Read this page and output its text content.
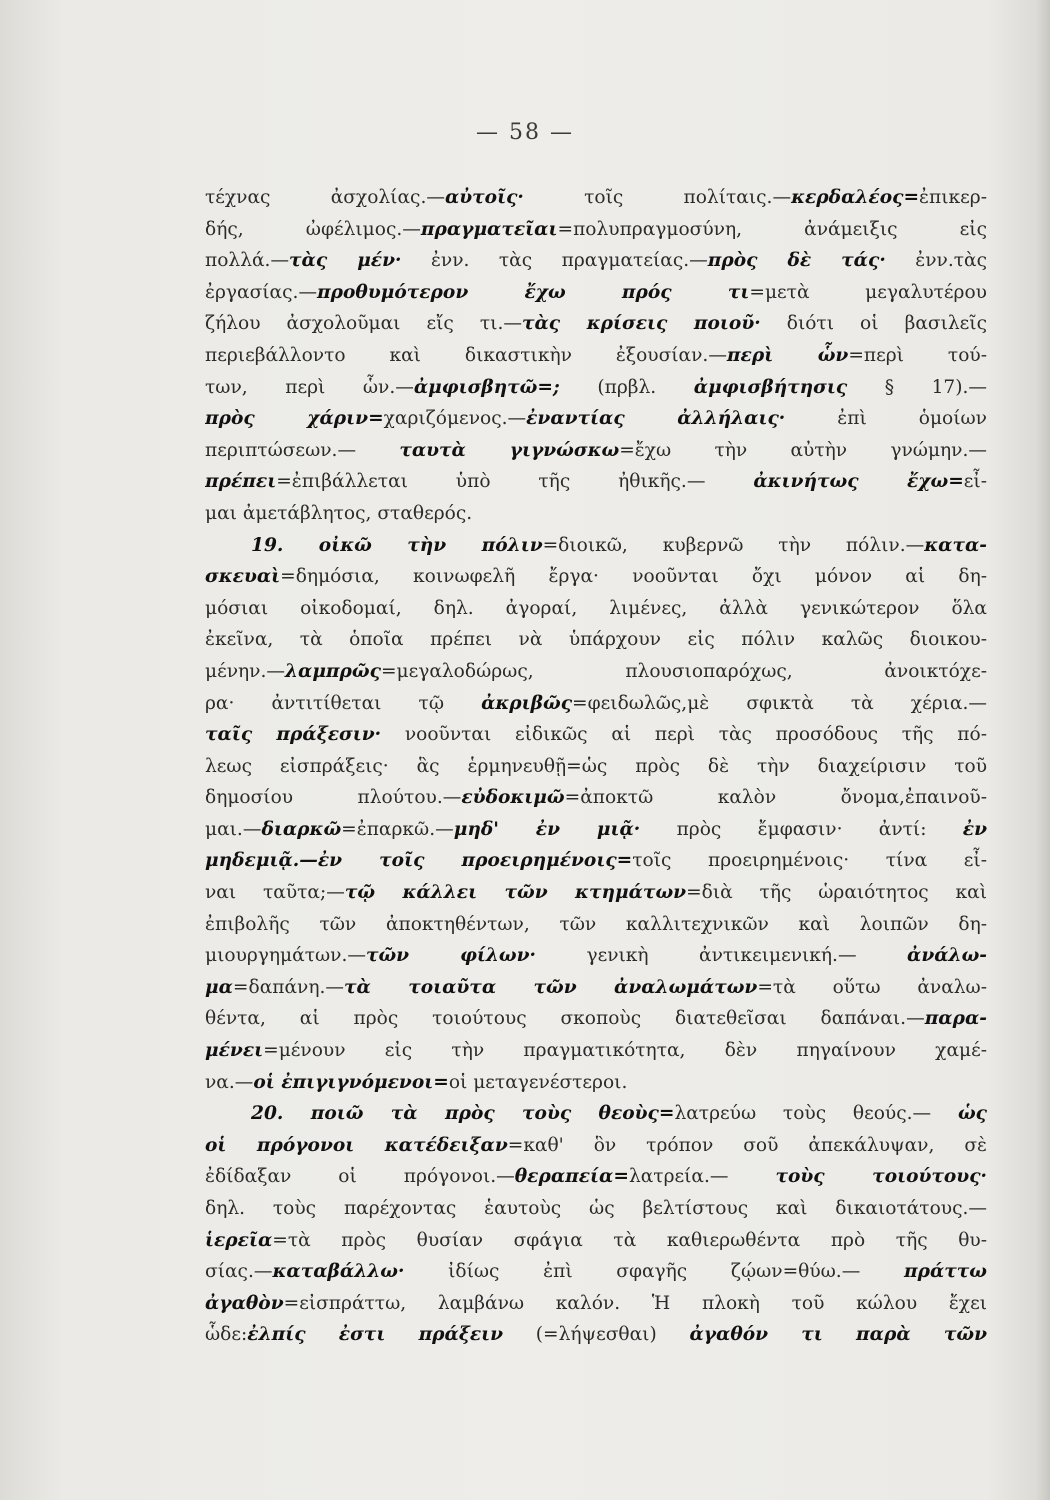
— 58 —
τέχνας ἀσχολίας.—αὐτοῖς· τοῖς πολίταις.—κερδαλέος=ἐπικερ-
δής, ὠφέλιμος.—πραγματεῖαι=πολυπραγμοσύνη, ἀνάμειξις εἰς
πολλά.—τὰς μέν· ἐνν. τὰς πραγματείας.—πρὸς δὲ τάς· ἐνν.τὰς
ἐργασίας.—προθυμότερον ἔχω πρός τι=μετὰ μεγαλυτέρου
ζήλου ἀσχολοῦμαι εἴς τι.—τὰς κρίσεις ποιοῦ· διότι οἱ βασιλεῖς
περιεβάλλοντο καὶ δικαστικὴν ἐξουσίαν.—περὶ ὧν=περὶ τού-
των, περὶ ὧν.—ἀμφισβητῶ=; (πρβλ. ἀμφισβήτησις § 17).—
πρὸς χάριν=χαριζόμενος.—ἐναντίας ἀλλήλαις· ἐπὶ ὁμοίων
περιπτώσεων.— ταυτὰ γιγνώσκω=ἔχω τὴν αὐτὴν γνώμην.—
πρέπει=ἐπιβάλλεται ὑπὸ τῆς ἠθικῆς.— ἀκινήτως ἔχω=εἶ-
μαι ἀμετάβλητος, σταθερός.
19. οἰκῶ τὴν πόλιν=διοικῶ, κυβερνῶ τὴν πόλιν.—κατα-
σκευαὶ=δημόσια, κοινωφελῆ ἔργα· νοοῦνται ὄχι μόνον αἱ δη-
μόσιαι οἰκοδομαί, δηλ. ἀγοραί, λιμένες, ἀλλὰ γενικώτερον ὅλα
ἐκεῖνα, τὰ ὁποῖα πρέπει νὰ ὑπάρχουν εἰς πόλιν καλῶς διοικου-
μένην.—λαμπρῶς=μεγαλοδώρως, πλουσιοπαρόχως, ἀνοικτόχε-
ρα· ἀντιτίθεται τῷ ἀκριβῶς=φειδωλῶς,μὲ σφικτὰ τὰ χέρια.—
ταῖς πράξεσιν· νοοῦνται εἰδικῶς αἱ περὶ τὰς προσόδους τῆς πό-
λεως εἰσπράξεις· ἃς ἑρμηνευθῇ=ὡς πρὸς δὲ τὴν διαχείρισιν τοῦ
δημοσίου πλούτου.—εὐδοκιμῶ=ἀποκτῶ καλὸν ὄνομα,ἐπαινοῦ-
μαι.—διαρκῶ=ἐπαρκῶ.—μηδ' ἐν μιᾷ· πρὸς ἔμφασιν· ἀντί: ἐν
μηδεμιᾷ.—ἐν τοῖς προειρημένοις=τοῖς προειρημένοις· τίνα εἶ-
ναι ταῦτα;—τῷ κάλλει τῶν κτημάτων=διὰ τῆς ὡραιότητος καὶ
ἐπιβολῆς τῶν ἀποκτηθέντων, τῶν καλλιτεχνικῶν καὶ λοιπῶν δη-
μιουργημάτων.—τῶν φίλων· γενικὴ ἀντικειμενική.— ἀνάλω-
μα=δαπάνη.—τὰ τοιαῦτα τῶν ἀναλωμάτων=τὰ οὕτω ἀναλω-
θέντα, αἱ πρὸς τοιούτους σκοποὺς διατεθεῖσαι δαπάναι.—παρα-
μένει=μένουν εἰς τὴν πραγματικότητα, δὲν πηγαίνουν χαμέ-
να.—οἱ ἐπιγιγνόμενοι=οἱ μεταγενέστεροι.
20. ποιῶ τὰ πρὸς τοὺς θεοὺς=λατρεύω τοὺς θεούς.— ὡς
οἱ πρόγονοι κατέδειξαν=καθ' ὃν τρόπον σοῦ ἀπεκάλυψαν, σὲ
ἐδίδαξαν οἱ πρόγονοι.—θεραπεία=λατρεία.— τοὺς τοιούτους·
δηλ. τοὺς παρέχοντας ἑαυτοὺς ὡς βελτίστους καὶ δικαιοτάτους.—
ἱερεῖα=τὰ πρὸς θυσίαν σφάγια τὰ καθιερωθέντα πρὸ τῆς θυ-
σίας.—καταβάλλω· ἰδίως ἐπὶ σφαγῆς ζῴων=θύω.— πράττω
ἀγαθὸν=εἰσπράττω, λαμβάνω καλόν. Ἡ πλοκὴ τοῦ κώλου ἔχει
ὧδε:ἐλπίς ἐστι πράξειν (=λήψεσθαι) ἀγαθόν τι παρὰ τῶν
